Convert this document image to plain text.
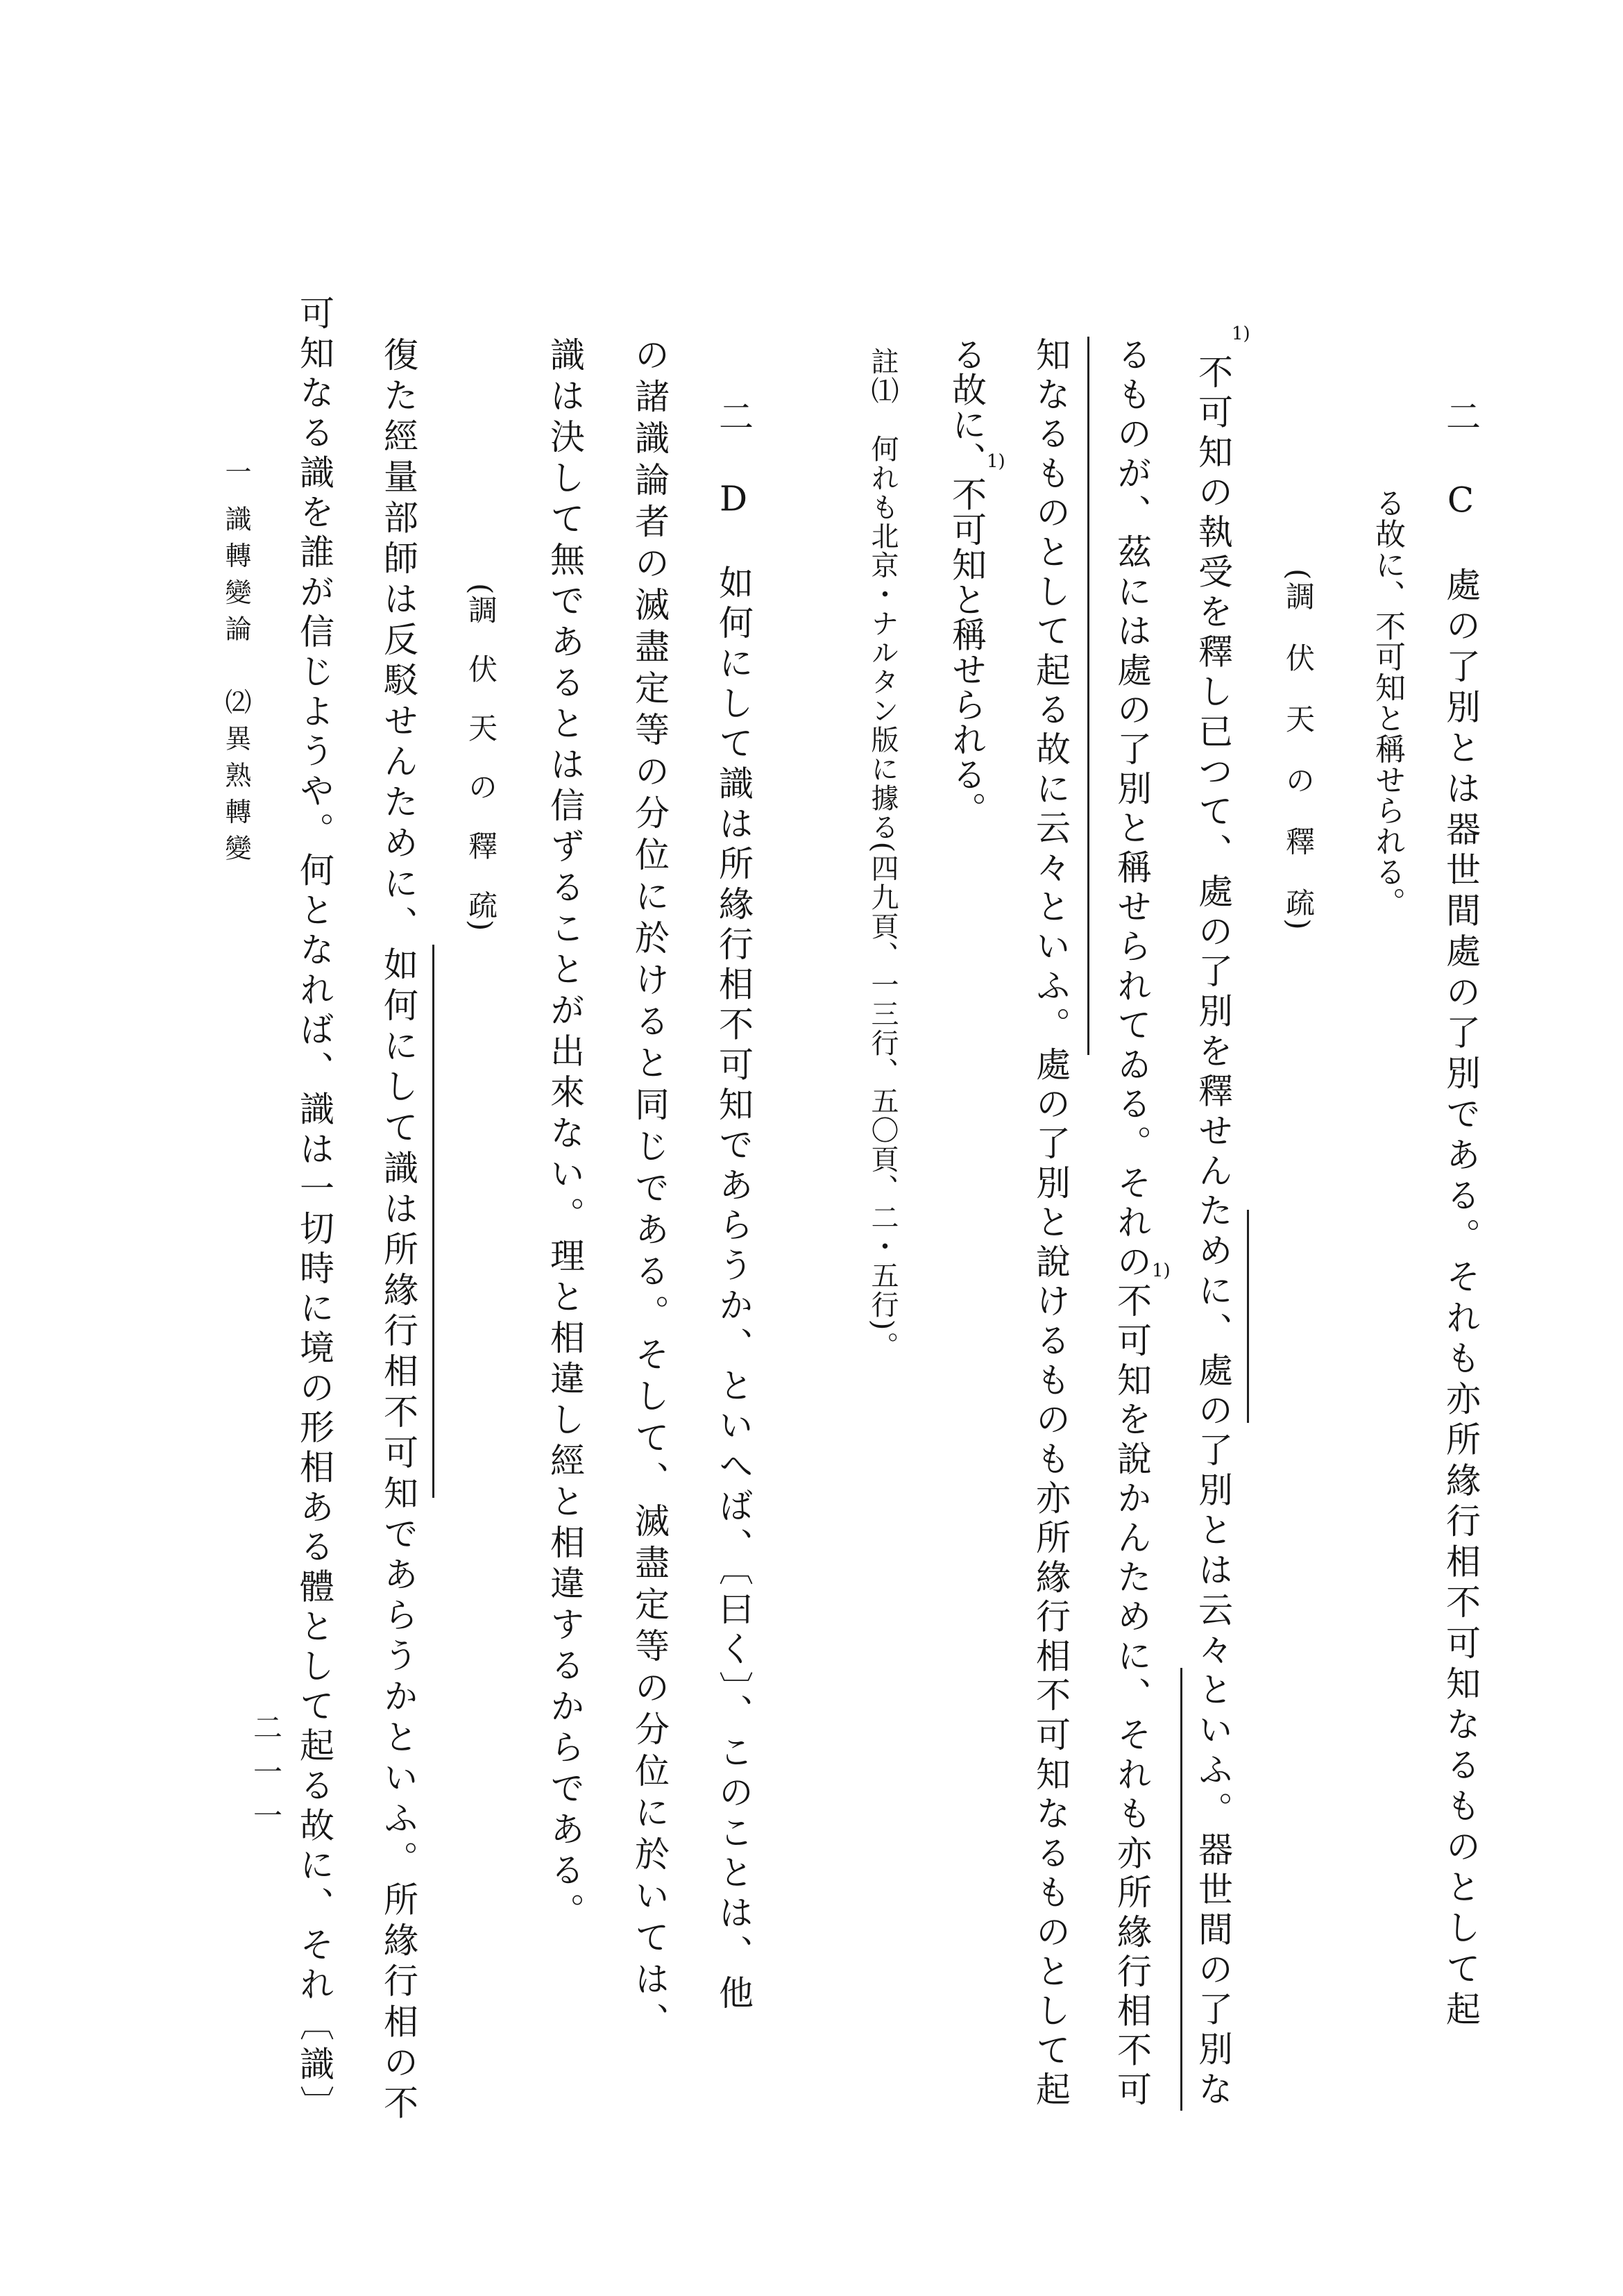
二　C　處の了別とは器世間處の了別である。それも亦所緣行相不可知なるものとして起
る故に、不可知と稱せられる。
(調　伏　天　の　釋　疏)
不可知の執受を釋し已つて、處の了別を釋せんために、處の了別とは云々といふ。器世間の了別な
るものが、茲には處の了別と稱せられてゐる。それの不可知を說かんために、それも亦所緣行相不可
知なるものとして起る故に云々といふ。處の了別と說けるものも亦所緣行相不可知なるものとして起
る故に、不可知と稱せられる。
1)
1)
1)
註⑴　何れも北京・ナルタン版に據る(四九頁、一三行、五〇頁、二・五行)。
二　D　如何にして識は所緣行相不可知であらうか、といへば、〔曰く〕、このことは、他
の諸識論者の滅盡定等の分位に於けると同じである。そして、滅盡定等の分位に於いては、
識は決して無であるとは信ずることが出來ない。理と相違し經と相違するからである。
(調　伏　天　の　釋　疏)
復た經量部師は反駁せんために、如何にして識は所緣行相不可知であらうかといふ。所緣行相の不
可知なる識を誰が信じようや。何となれば、識は一切時に境の形相ある體として起る故に、それ〔識〕
一
識轉變論　⑵異熟轉變
二一一
